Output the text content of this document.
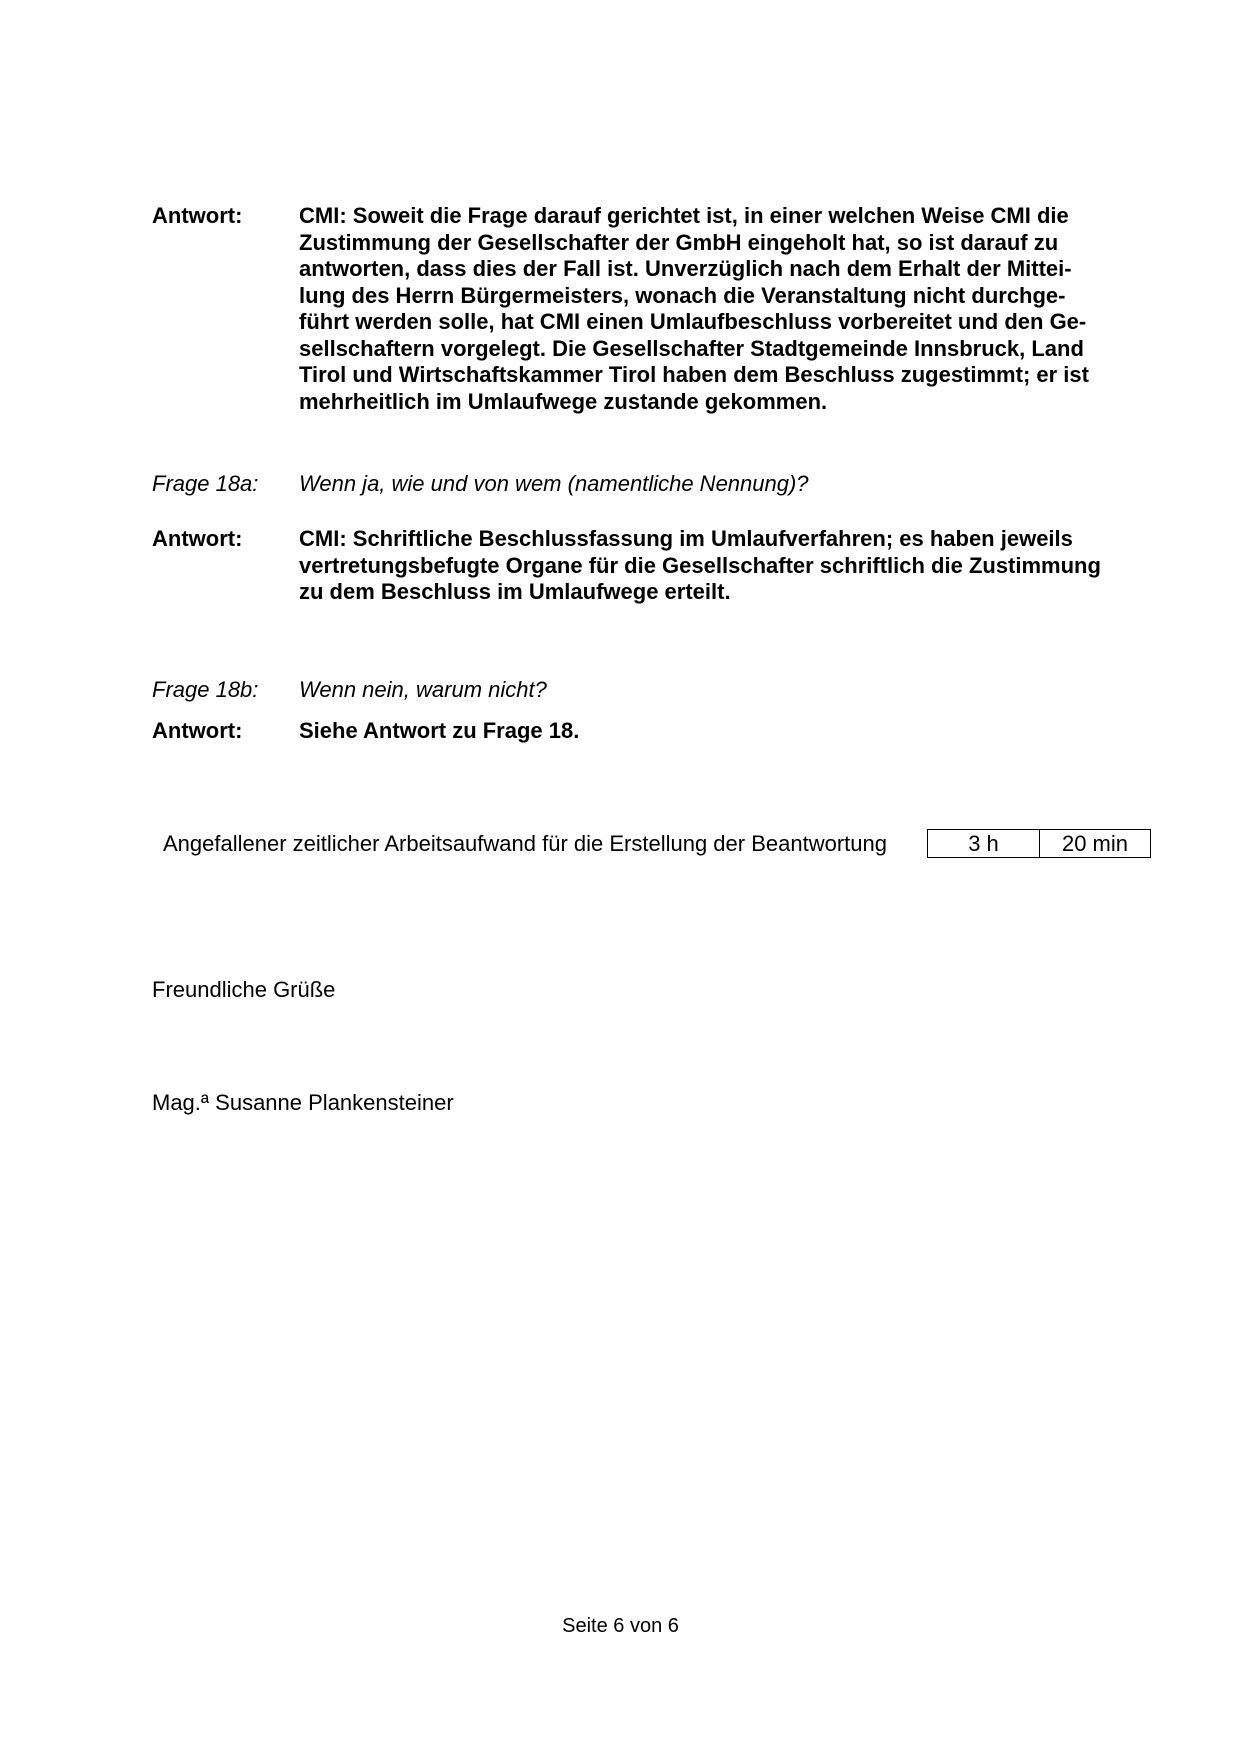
Antwort:	CMI: Soweit die Frage darauf gerichtet ist, in einer welchen Weise CMI die
Zustimmung der Gesellschafter der GmbH eingeholt hat, so ist darauf zu
antworten, dass dies der Fall ist. Unverzüglich nach dem Erhalt der Mittei-
lung des Herrn Bürgermeisters, wonach die Veranstaltung nicht durchge-
führt werden solle, hat CMI einen Umlaufbeschluss vorbereitet und den Ge-
sellschaftern vorgelegt. Die Gesellschafter Stadtgemeinde Innsbruck, Land
Tirol und Wirtschaftskammer Tirol haben dem Beschluss zugestimmt; er ist
mehrheitlich im Umlaufwege zustande gekommen.
Frage 18a:	Wenn ja, wie und von wem (namentliche Nennung)?
Antwort:	CMI: Schriftliche Beschlussfassung im Umlaufverfahren; es haben jeweils
vertretungsbefugte Organe für die Gesellschafter schriftlich die Zustimmung
zu dem Beschluss im Umlaufwege erteilt.
Frage 18b:	Wenn nein, warum nicht?
Antwort:	Siehe Antwort zu Frage 18.
Angefallener zeitlicher Arbeitsaufwand für die Erstellung der Beantwortung	3 h	20 min
Freundliche Grüße
Mag.ª Susanne Plankensteiner
Seite 6 von 6
